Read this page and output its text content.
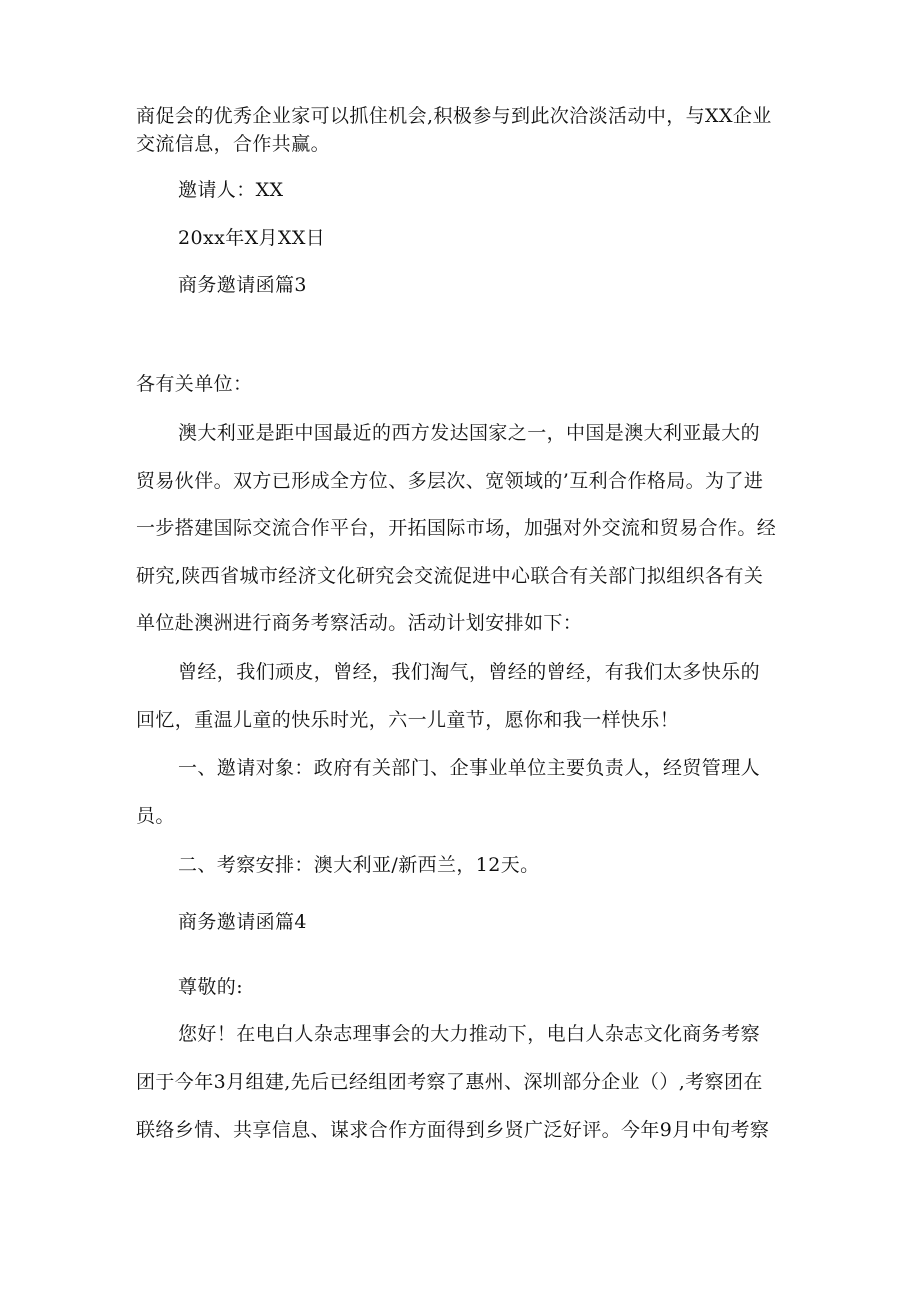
商促会的优秀企业家可以抓住机会,积极参与到此次洽淡活动中，与XX企业
交流信息，合作共赢。
邀请人：XX
20xx年X月XX日
商务邀请函篇3
各有关单位：
澳大利亚是距中国最近的西方发达国家之一，中国是澳大利亚最大的
贸易伙伴。双方已形成全方位、多层次、宽领域的’互利合作格局。为了进
一步搭建国际交流合作平台，开拓国际市场，加强对外交流和贸易合作。经
研究,陕西省城市经济文化研究会交流促进中心联合有关部门拟组织各有关
单位赴澳洲进行商务考察活动。活动计划安排如下：
曾经，我们顽皮，曾经，我们淘气，曾经的曾经，有我们太多快乐的
回忆，重温儿童的快乐时光，六一儿童节，愿你和我一样快乐！
一、邀请对象：政府有关部门、企事业单位主要负责人，经贸管理人
员。
二、考察安排：澳大利亚/新西兰，12天。
商务邀请函篇4
尊敬的:
您好！在电白人杂志理事会的大力推动下，电白人杂志文化商务考察
团于今年3月组建,先后已经组团考察了惠州、深圳部分企业（）,考察团在
联络乡情、共享信息、谋求合作方面得到乡贤广泛好评。今年9月中旬考察
